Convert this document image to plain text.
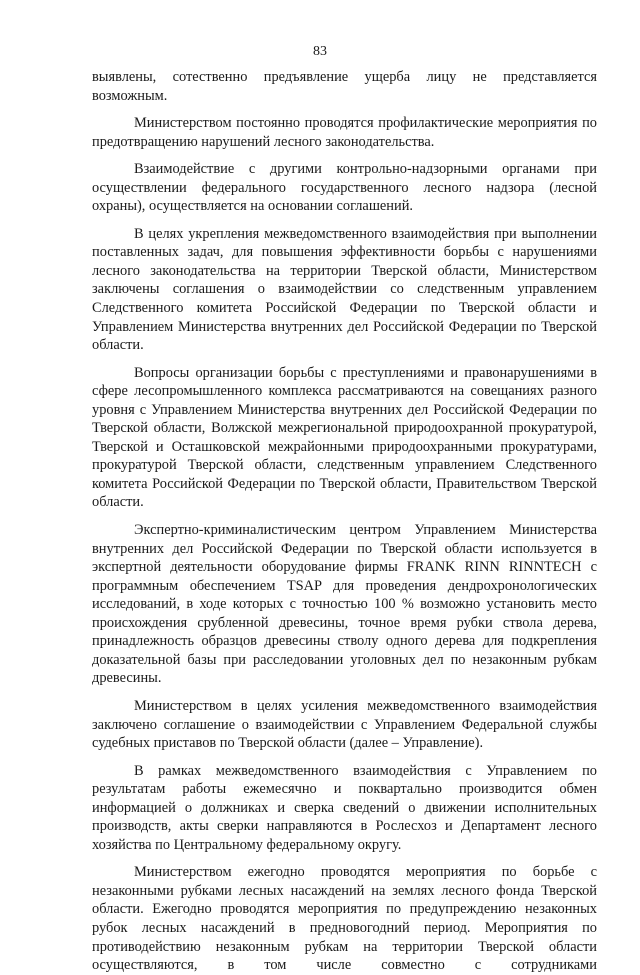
83

выявлены, сотественно предъявление ущерба лицу не представляется возможным.

Министерством постоянно проводятся профилактические мероприятия по предотвращению нарушений лесного законодательства.

Взаимодействие с другими контрольно-надзорными органами при осуществлении федерального государственного лесного надзора (лесной охраны), осуществляется на основании соглашений.

В целях укрепления межведомственного взаимодействия при выполнении поставленных задач, для повышения эффективности борьбы с нарушениями лесного законодательства на территории Тверской области, Министерством заключены соглашения о взаимодействии со следственным управлением Следственного комитета Российской Федерации по Тверской области и Управлением Министерства внутренних дел Российской Федерации по Тверской области.

Вопросы организации борьбы с преступлениями и правонарушениями в сфере лесопромышленного комплекса рассматриваются на совещаниях разного уровня с Управлением Министерства внутренних дел Российской Федерации по Тверской области, Волжской межрегиональной природоохранной прокуратурой, Тверской и Осташковской межрайонными природоохранными прокуратурами, прокуратурой Тверской области, следственным управлением Следственного комитета Российской Федерации по Тверской области, Правительством Тверской области.

Экспертно-криминалистическим центром Управлением Министерства внутренних дел Российской Федерации по Тверской области используется в экспертной деятельности оборудование фирмы FRANK RINN RINNTECH с программным обеспечением TSAP для проведения дендрохронологических исследований, в ходе которых с точностью 100 % возможно установить место происхождения срубленной древесины, точное время рубки ствола дерева, принадлежность образцов древесины стволу одного дерева для подкрепления доказательной базы при расследовании уголовных дел по незаконным рубкам древесины.

Министерством в целях усиления межведомственного взаимодействия заключено соглашение о взаимодействии с Управлением Федеральной службы судебных приставов по Тверской области (далее – Управление).

В рамках межведомственного взаимодействия с Управлением по результатам работы ежемесячно и поквартально производится обмен информацией о должниках и сверка сведений о движении исполнительных производств, акты сверки направляются в Рослесхоз и Департамент лесного хозяйства по Центральному федеральному округу.

Министерством ежегодно проводятся мероприятия по борьбе с незаконными рубками лесных насаждений на землях лесного фонда Тверской области. Ежегодно проводятся мероприятия по предупреждению незаконных рубок лесных насаждений в предновогодний период. Мероприятия по противодействию незаконным рубкам на территории Тверской области осуществляются, в том числе совместно с сотрудниками
